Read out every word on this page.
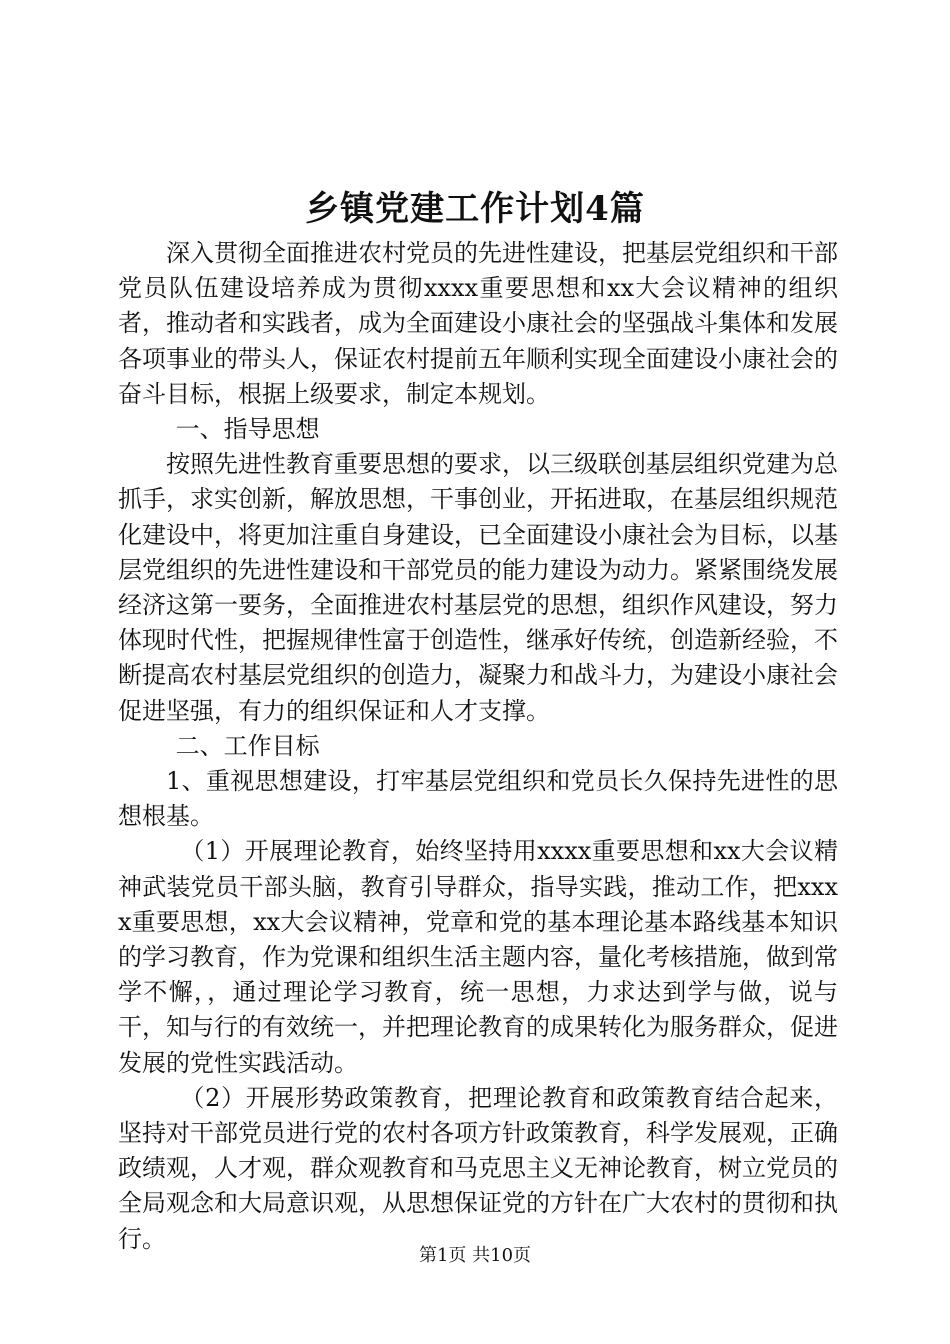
乡镇党建工作计划4篇

深入贯彻全面推进农村党员的先进性建设，把基层党组织和干部党员队伍建设培养成为贯彻xxxx重要思想和xx大会议精神的组织者，推动者和实践者，成为全面建设小康社会的坚强战斗集体和发展各项事业的带头人，保证农村提前五年顺利实现全面建设小康社会的奋斗目标，根据上级要求，制定本规划。

一、指导思想

按照先进性教育重要思想的要求，以三级联创基层组织党建为总抓手，求实创新，解放思想，干事创业，开拓进取，在基层组织规范化建设中，将更加注重自身建设，已全面建设小康社会为目标，以基层党组织的先进性建设和干部党员的能力建设为动力。紧紧围绕发展经济这第一要务，全面推进农村基层党的思想，组织作风建设，努力体现时代性，把握规律性富于创造性，继承好传统，创造新经验，不断提高农村基层党组织的创造力，凝聚力和战斗力，为建设小康社会促进坚强，有力的组织保证和人才支撑。

二、工作目标

1、重视思想建设，打牢基层党组织和党员长久保持先进性的思想根基。

（1）开展理论教育，始终坚持用xxxx重要思想和xx大会议精神武装党员干部头脑，教育引导群众，指导实践，推动工作，把xxxx重要思想，xx大会议精神，党章和党的基本理论基本路线基本知识的学习教育，作为党课和组织生活主题内容，量化考核措施，做到常学不懈，，通过理论学习教育，统一思想，力求达到学与做，说与干，知与行的有效统一，并把理论教育的成果转化为服务群众，促进发展的党性实践活动。

（2）开展形势政策教育，把理论教育和政策教育结合起来，坚持对干部党员进行党的农村各项方针政策教育，科学发展观，正确政绩观，人才观，群众观教育和马克思主义无神论教育，树立党员的全局观念和大局意识观，从思想保证党的方针在广大农村的贯彻和执行。

第1页 共10页
